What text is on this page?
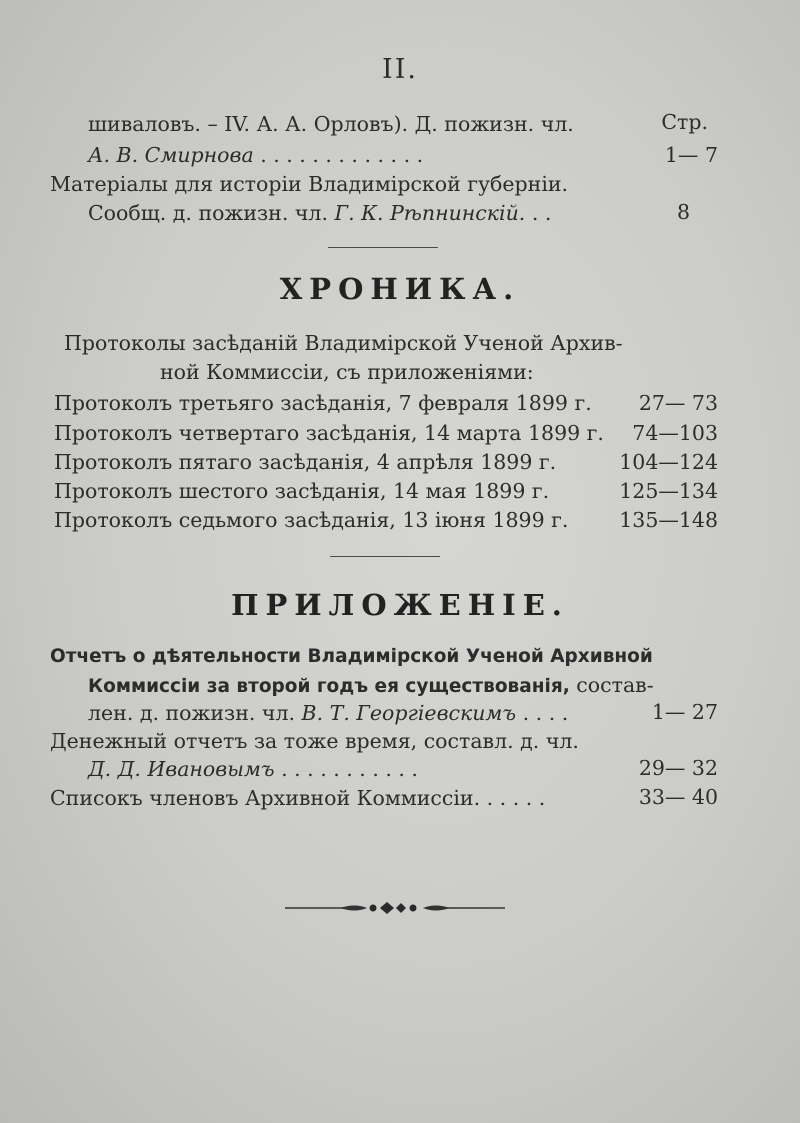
II.
шиваловъ. – IV. А. А. Орловъ). Д. пожизн. чл.	Стр.
А. В. Смирнова . . . . . . . . . . . . .	1— 7
Матеріалы для исторіи Владимірской губерніи.
Сообщ. д. пожизн. чл. Г. К. Рѣпнинскій. . .	8
ХРОНИКА.
Протоколы засѣданій Владимірской Ученой Архив-
ной Коммиссіи, съ приложеніями:
Протоколъ третьяго засѣданія, 7 февраля 1899 г. 27— 73
Протоколъ четвертаго засѣданія, 14 марта 1899 г. 74—103
Протоколъ пятаго засѣданія, 4 апрѣля 1899 г.	104—124
Протоколъ шестого засѣданія, 14 мая 1899 г.	125—134
Протоколъ седьмого засѣданія, 13 іюня 1899 г. 135—148
ПРИЛОЖЕНІЕ.
Отчетъ о дѣятельности Владимірской Ученой Архивной
Коммиссіи за второй годъ ея существованія, состав-
лен. д. пожизн. чл. В. Т. Георгіевскимъ . . . .	1— 27
Денежный отчетъ за тоже время, составл. д. чл.
Д. Д. Ивановымъ . . . . . . . . . . .	29— 32
Списокъ членовъ Архивной Коммиссіи. . . . . .	33— 40
